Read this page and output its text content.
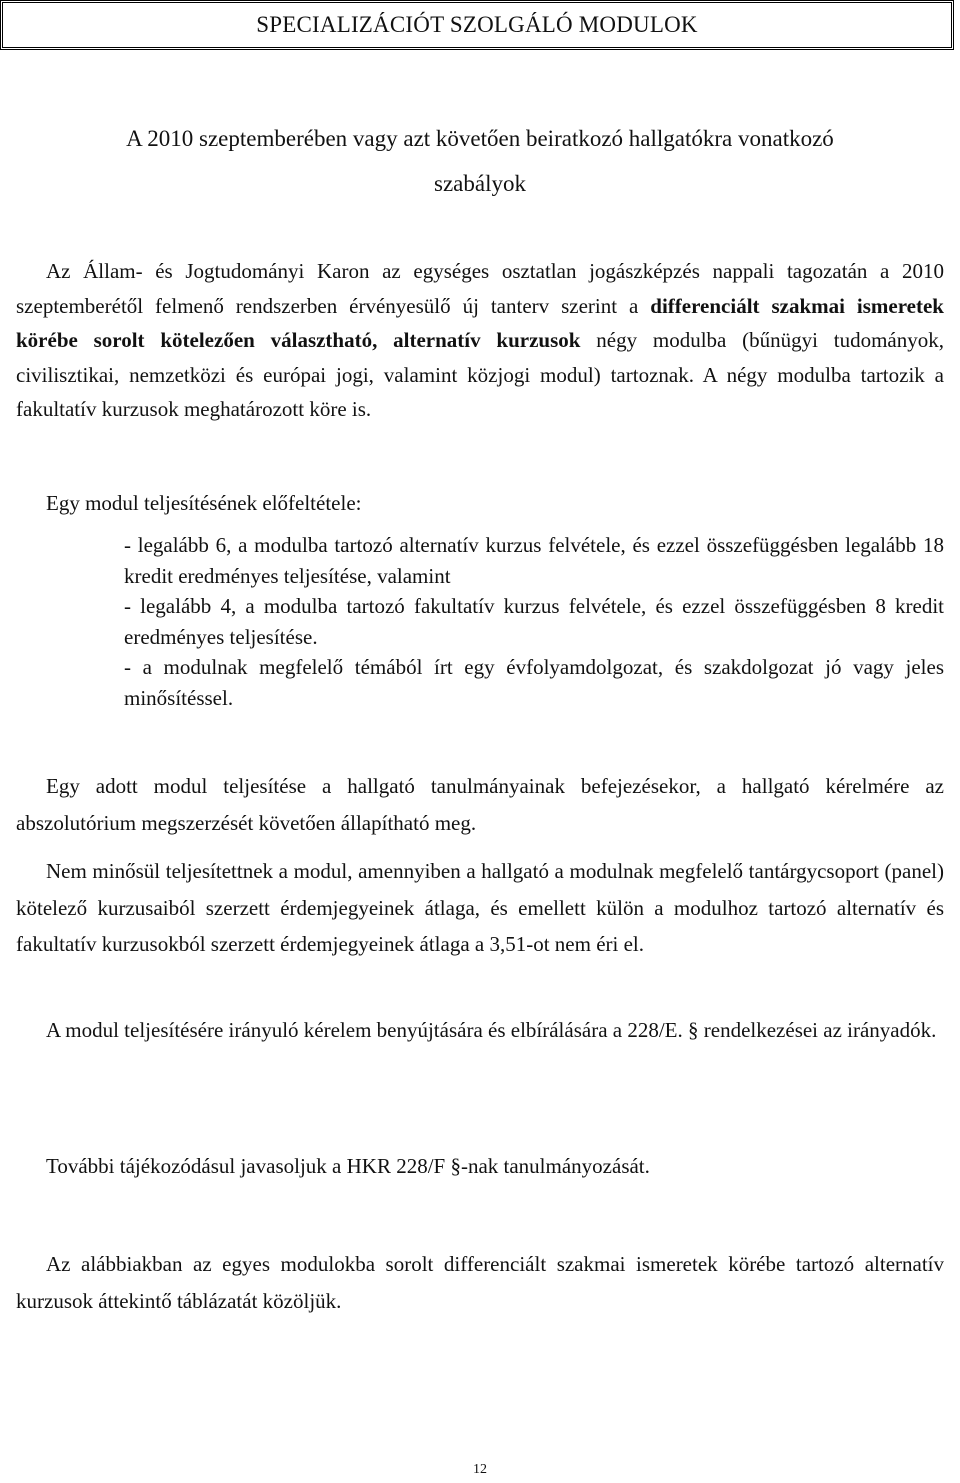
SPECIALIZÁCIÓT SZOLGÁLÓ MODULOK
A 2010 szeptemberében vagy azt követően beiratkozó hallgatókra vonatkozó
szabályok

Az Állam- és Jogtudományi Karon az egységes osztatlan jogászképzés nappali tagozatán a 2010 szeptemberétől felmenő rendszerben érvényesülő új tanterv szerint a differenciált szakmai ismeretek körébe sorolt kötelezően választható, alternatív kurzusok négy modulba (bűnügyi tudományok, civilisztikai, nemzetközi és európai jogi, valamint közjogi modul) tartoznak. A négy modulba tartozik a fakultatív kurzusok meghatározott köre is.

Egy modul teljesítésének előfeltétele:

- legalább 6, a modulba tartozó alternatív kurzus felvétele, és ezzel összefüggésben legalább 18 kredit eredményes teljesítése, valamint

- legalább 4, a modulba tartozó fakultatív kurzus felvétele, és ezzel összefüggésben 8 kredit eredményes teljesítése.

- a modulnak megfelelő témából írt egy évfolyamdolgozat, és szakdolgozat jó vagy jeles minősítéssel.

Egy adott modul teljesítése a hallgató tanulmányainak befejezésekor, a hallgató kérelmére az abszolutórium megszerzését követően állapítható meg.

Nem minősül teljesítettnek a modul, amennyiben a hallgató a modulnak megfelelő tantárgycsoport (panel) kötelező kurzusaiból szerzett érdemjegyeinek átlaga, és emellett külön a modulhoz tartozó alternatív és fakultatív kurzusokból szerzett érdemjegyeinek átlaga a 3,51-ot nem éri el.

A modul teljesítésére irányuló kérelem benyújtására és elbírálására a 228/E. § rendelkezései az irányadók.

További tájékozódásul javasoljuk a HKR 228/F §-nak tanulmányozását.

Az alábbiakban az egyes modulokba sorolt differenciált szakmai ismeretek körébe tartozó alternatív kurzusok áttekintő táblázatát közöljük.

12
